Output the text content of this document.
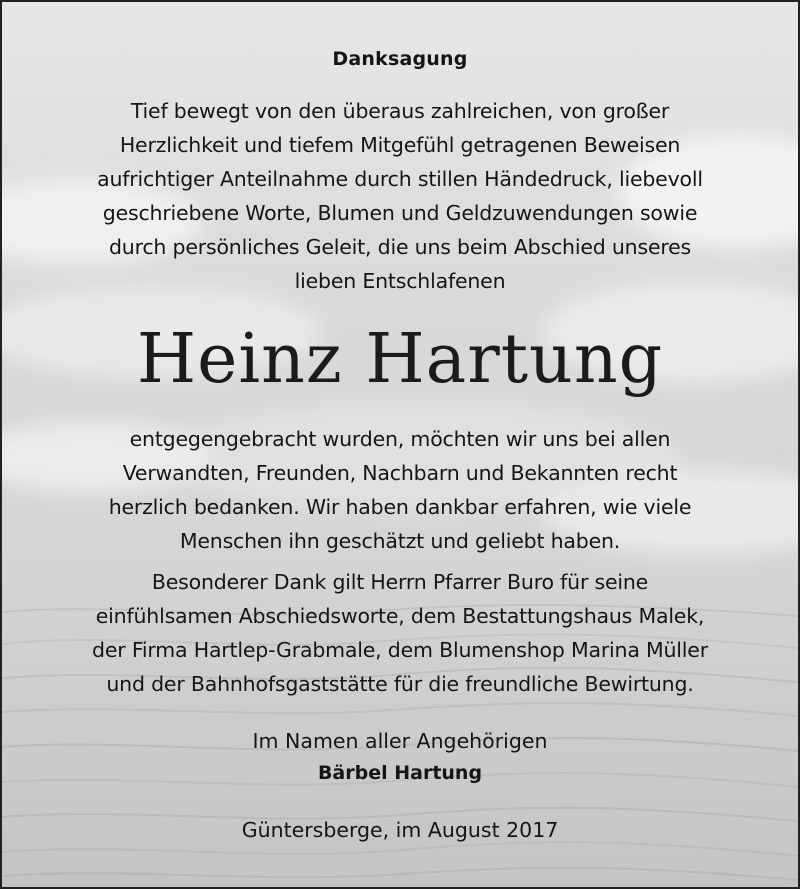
Danksagung
Tief bewegt von den überaus zahlreichen, von großer
Herzlichkeit und tiefem Mitgefühl getragenen Beweisen
aufrichtiger Anteilnahme durch stillen Händedruck, liebevoll
geschriebene Worte, Blumen und Geldzuwendungen sowie
durch persönliches Geleit, die uns beim Abschied unseres
lieben Entschlafenen
Heinz Hartung
entgegengebracht wurden, möchten wir uns bei allen
Verwandten, Freunden, Nachbarn und Bekannten recht
herzlich bedanken. Wir haben dankbar erfahren, wie viele
Menschen ihn geschätzt und geliebt haben.
Besonderer Dank gilt Herrn Pfarrer Buro für seine
einfühlsamen Abschiedsworte, dem Bestattungshaus Malek,
der Firma Hartlep-Grabmale, dem Blumenshop Marina Müller
und der Bahnhofsgaststätte für die freundliche Bewirtung.
Im Namen aller Angehörigen
Bärbel Hartung
Güntersberge, im August 2017
